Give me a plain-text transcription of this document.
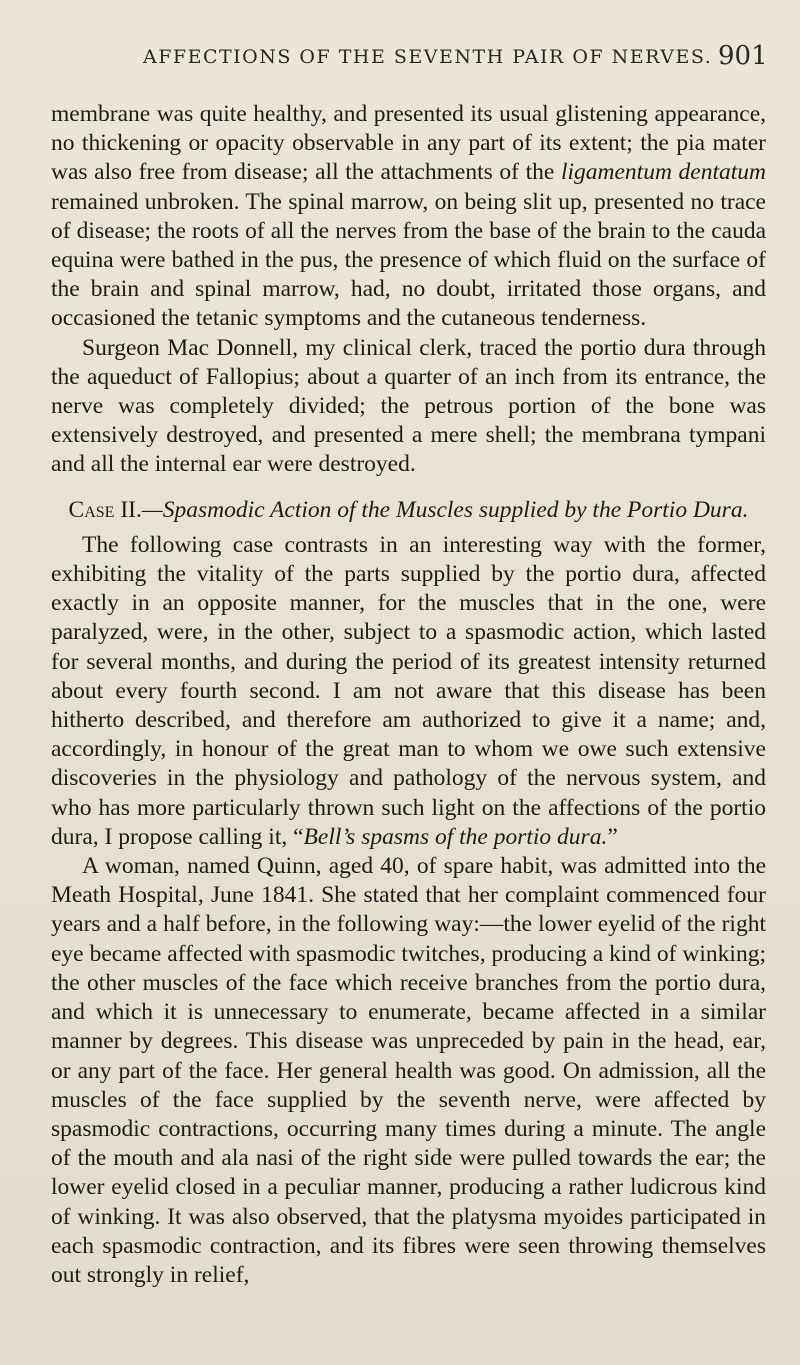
AFFECTIONS OF THE SEVENTH PAIR OF NERVES. 901

membrane was quite healthy, and presented its usual glistening appearance, no thickening or opacity observable in any part of its extent; the pia mater was also free from disease; all the attachments of the ligamentum dentatum remained unbroken. The spinal marrow, on being slit up, presented no trace of disease; the roots of all the nerves from the base of the brain to the cauda equina were bathed in the pus, the presence of which fluid on the surface of the brain and spinal marrow, had, no doubt, irritated those organs, and occasioned the tetanic symptoms and the cutaneous tenderness.

Surgeon Mac Donnell, my clinical clerk, traced the portio dura through the aqueduct of Fallopius; about a quarter of an inch from its entrance, the nerve was completely divided; the petrous portion of the bone was extensively destroyed, and presented a mere shell; the membrana tympani and all the internal ear were destroyed.

Case II.—Spasmodic Action of the Muscles supplied by the Portio Dura.

The following case contrasts in an interesting way with the former, exhibiting the vitality of the parts supplied by the portio dura, affected exactly in an opposite manner, for the muscles that in the one, were paralyzed, were, in the other, subject to a spasmodic action, which lasted for several months, and during the period of its greatest intensity returned about every fourth second. I am not aware that this disease has been hitherto described, and therefore am authorized to give it a name; and, accordingly, in honour of the great man to whom we owe such extensive discoveries in the physiology and pathology of the nervous system, and who has more particularly thrown such light on the affections of the portio dura, I propose calling it, “Bell’s spasms of the portio dura.”

A woman, named Quinn, aged 40, of spare habit, was admitted into the Meath Hospital, June 1841. She stated that her complaint commenced four years and a half before, in the following way:—the lower eyelid of the right eye became affected with spasmodic twitches, producing a kind of winking; the other muscles of the face which receive branches from the portio dura, and which it is unnecessary to enumerate, became affected in a similar manner by degrees. This disease was unpreceded by pain in the head, ear, or any part of the face. Her general health was good. On admission, all the muscles of the face supplied by the seventh nerve, were affected by spasmodic contractions, occurring many times during a minute. The angle of the mouth and ala nasi of the right side were pulled towards the ear; the lower eyelid closed in a peculiar manner, producing a rather ludicrous kind of winking. It was also observed, that the platysma myoides participated in each spasmodic contraction, and its fibres were seen throwing themselves out strongly in relief,
